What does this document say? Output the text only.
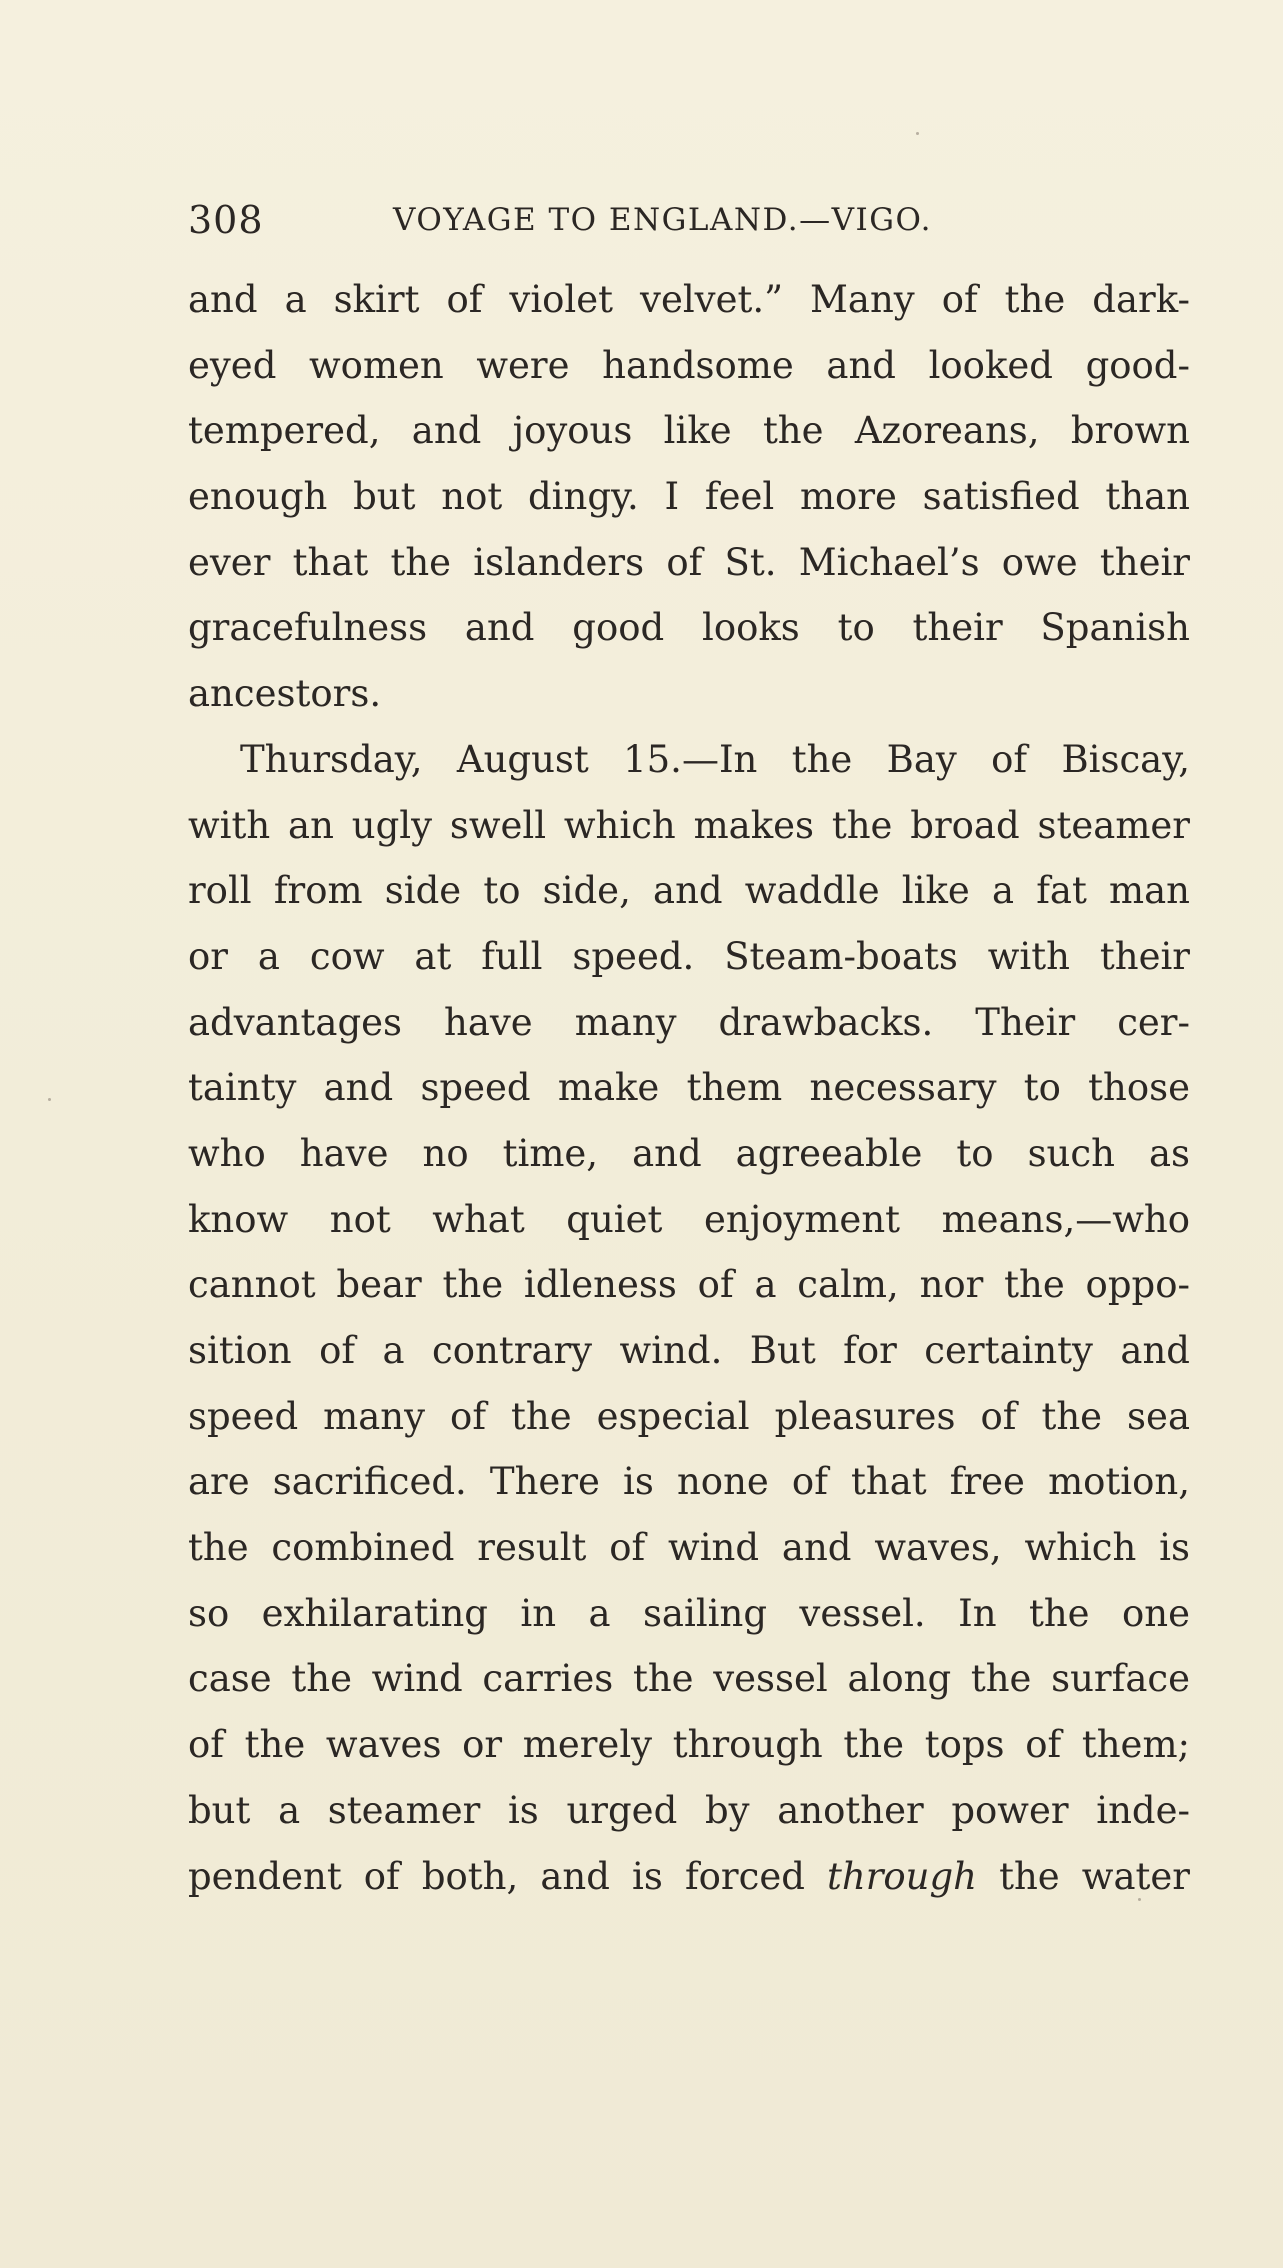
308	VOYAGE TO ENGLAND.—VIGO.
and a skirt of violet velvet.” Many of the dark-
eyed women were handsome and looked good-
tempered, and joyous like the Azoreans, brown
enough but not dingy. I feel more satisfied than
ever that the islanders of St. Michael’s owe their
gracefulness and good looks to their Spanish
ancestors.
Thursday, August 15.—In the Bay of Biscay,
with an ugly swell which makes the broad steamer
roll from side to side, and waddle like a fat man
or a cow at full speed. Steam-boats with their
advantages have many drawbacks. Their cer-
tainty and speed make them necessary to those
who have no time, and agreeable to such as
know not what quiet enjoyment means,—who
cannot bear the idleness of a calm, nor the oppo-
sition of a contrary wind. But for certainty and
speed many of the especial pleasures of the sea
are sacrificed. There is none of that free motion,
the combined result of wind and waves, which is
so exhilarating in a sailing vessel. In the one
case the wind carries the vessel along the surface
of the waves or merely through the tops of them;
but a steamer is urged by another power inde-
pendent of both, and is forced through the water
